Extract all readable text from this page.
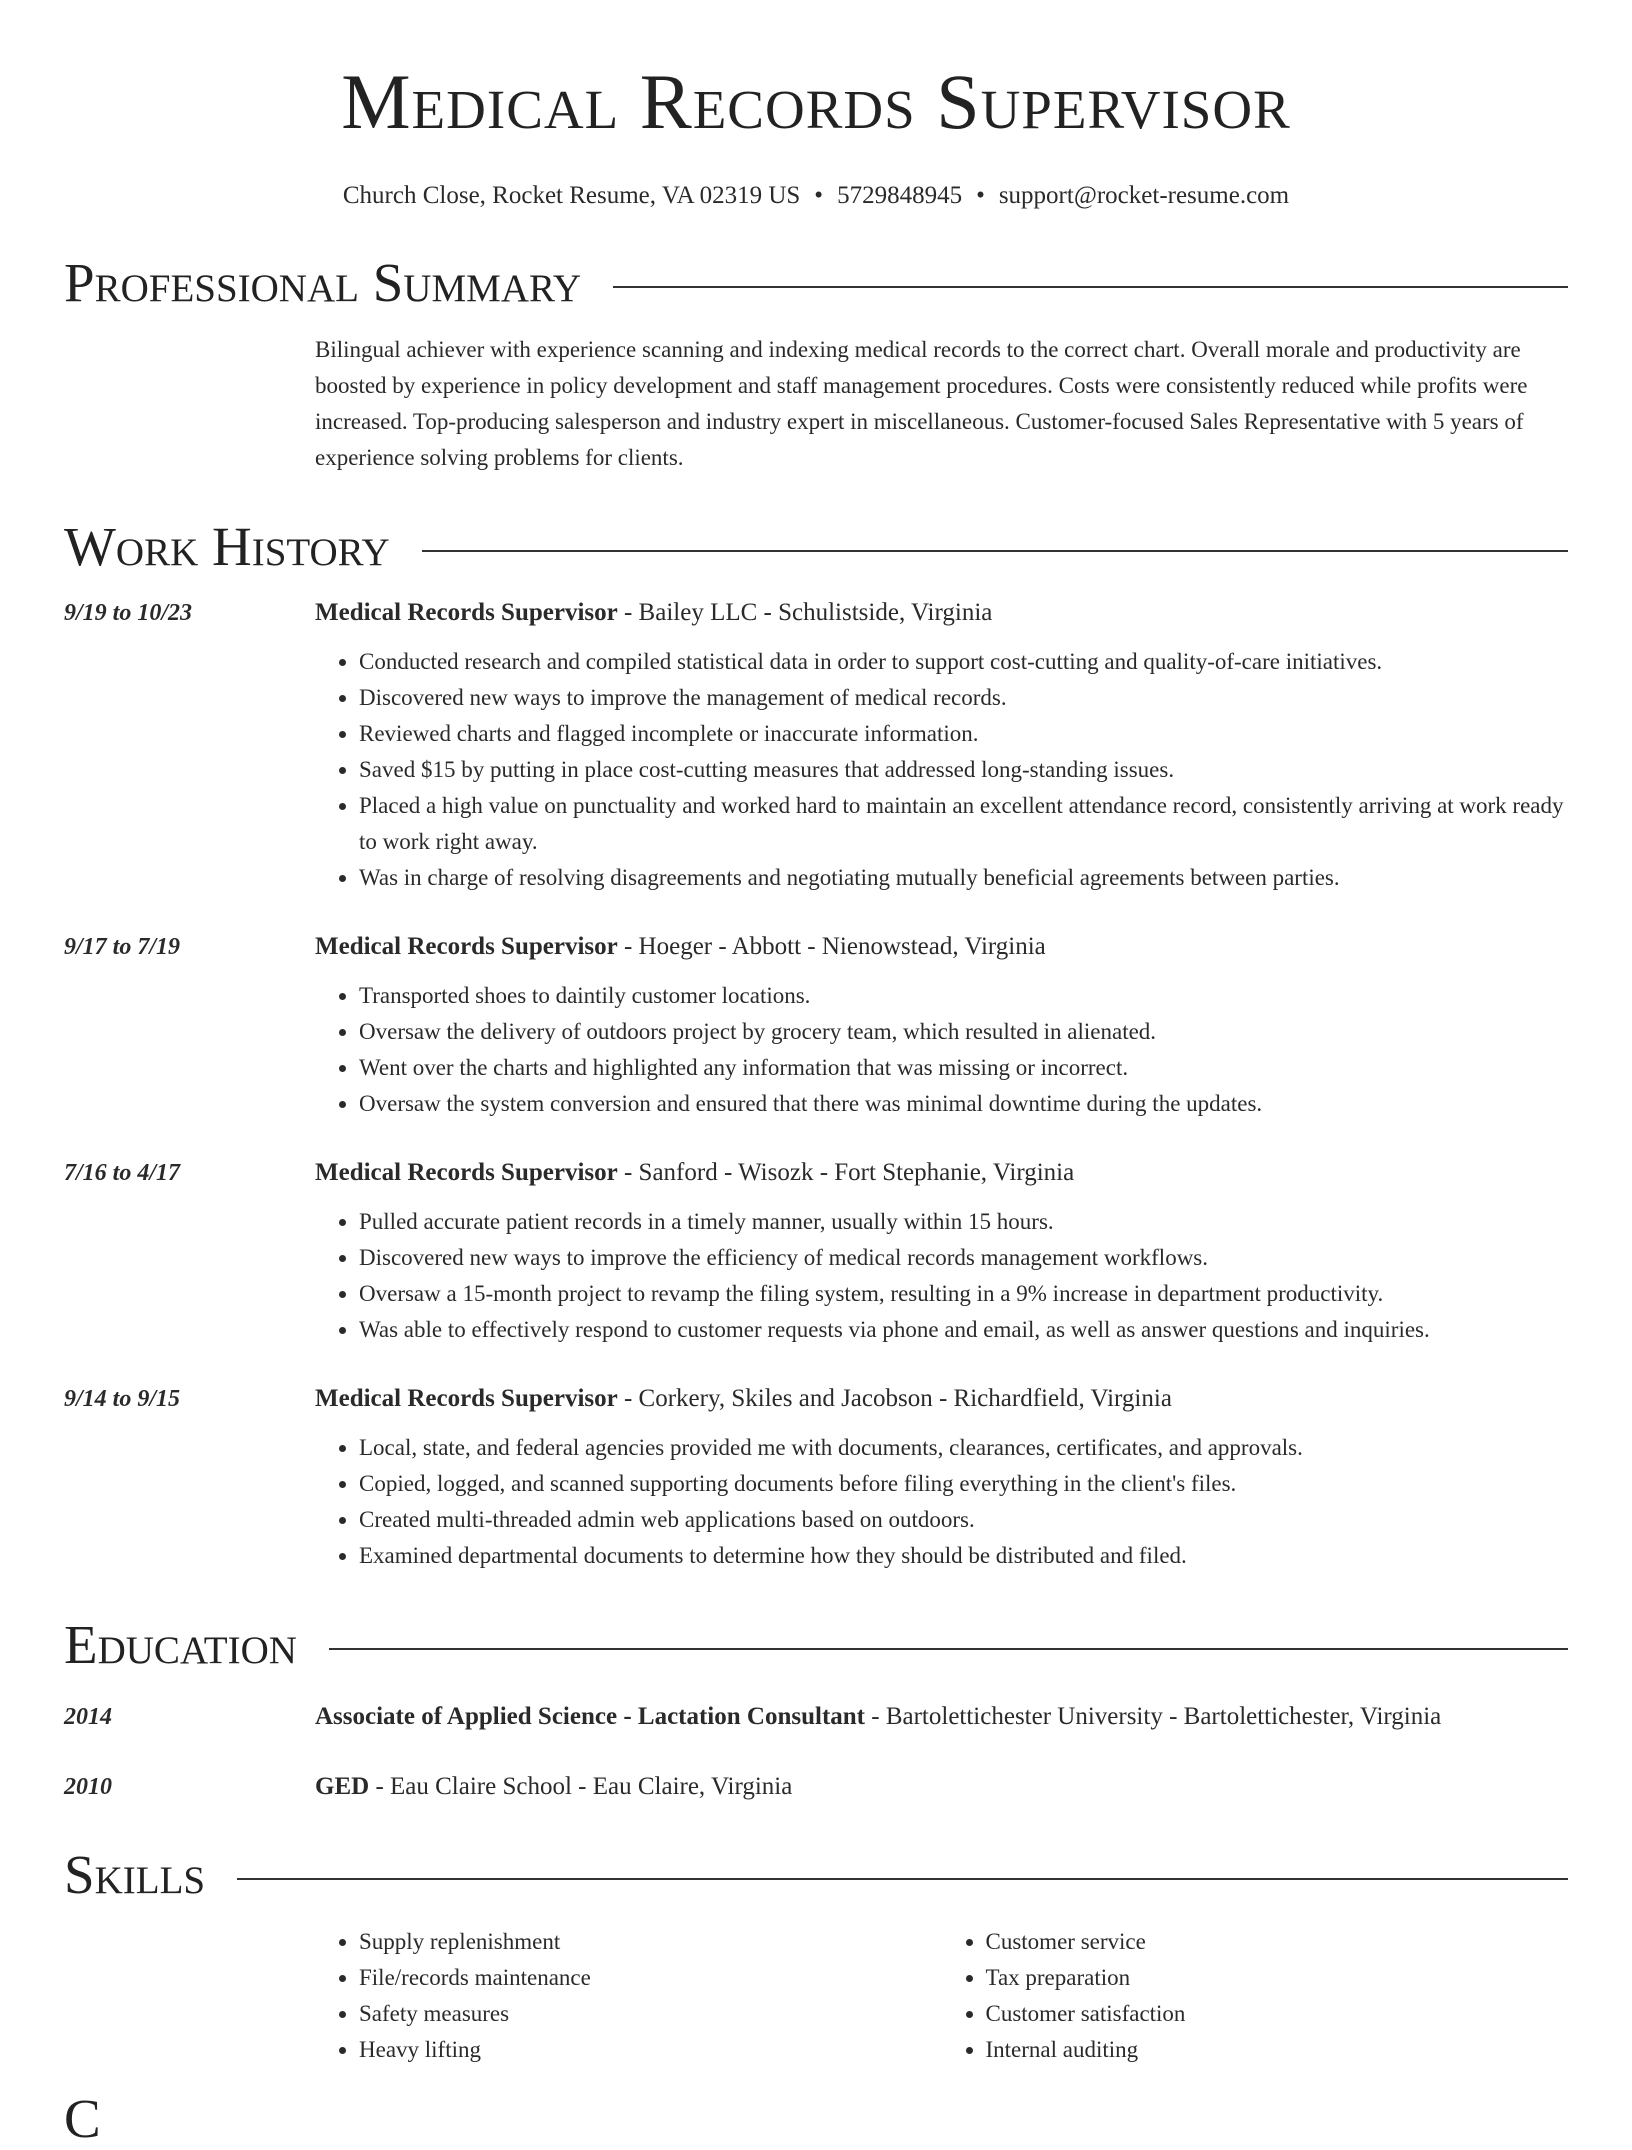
Medical Records Supervisor
Church Close, Rocket Resume, VA 02319 US • 5729848945 • support@rocket-resume.com
Professional Summary
Bilingual achiever with experience scanning and indexing medical records to the correct chart. Overall morale and productivity are boosted by experience in policy development and staff management procedures. Costs were consistently reduced while profits were increased. Top-producing salesperson and industry expert in miscellaneous. Customer-focused Sales Representative with 5 years of experience solving problems for clients.
Work History
9/19 to 10/23	Medical Records Supervisor - Bailey LLC - Schulistside, Virginia
• Conducted research and compiled statistical data in order to support cost-cutting and quality-of-care initiatives.
• Discovered new ways to improve the management of medical records.
• Reviewed charts and flagged incomplete or inaccurate information.
• Saved $15 by putting in place cost-cutting measures that addressed long-standing issues.
• Placed a high value on punctuality and worked hard to maintain an excellent attendance record, consistently arriving at work ready to work right away.
• Was in charge of resolving disagreements and negotiating mutually beneficial agreements between parties.
9/17 to 7/19	Medical Records Supervisor - Hoeger - Abbott - Nienowstead, Virginia
• Transported shoes to daintily customer locations.
• Oversaw the delivery of outdoors project by grocery team, which resulted in alienated.
• Went over the charts and highlighted any information that was missing or incorrect.
• Oversaw the system conversion and ensured that there was minimal downtime during the updates.
7/16 to 4/17	Medical Records Supervisor - Sanford - Wisozk - Fort Stephanie, Virginia
• Pulled accurate patient records in a timely manner, usually within 15 hours.
• Discovered new ways to improve the efficiency of medical records management workflows.
• Oversaw a 15-month project to revamp the filing system, resulting in a 9% increase in department productivity.
• Was able to effectively respond to customer requests via phone and email, as well as answer questions and inquiries.
9/14 to 9/15	Medical Records Supervisor - Corkery, Skiles and Jacobson - Richardfield, Virginia
• Local, state, and federal agencies provided me with documents, clearances, certificates, and approvals.
• Copied, logged, and scanned supporting documents before filing everything in the client's files.
• Created multi-threaded admin web applications based on outdoors.
• Examined departmental documents to determine how they should be distributed and filed.
Education
2014	Associate of Applied Science - Lactation Consultant - Bartolettichester University - Bartolettichester, Virginia
2010	GED - Eau Claire School - Eau Claire, Virginia
Skills
• Supply replenishment
• File/records maintenance
• Safety measures
• Heavy lifting
• Customer service
• Tax preparation
• Customer satisfaction
• Internal auditing
C
